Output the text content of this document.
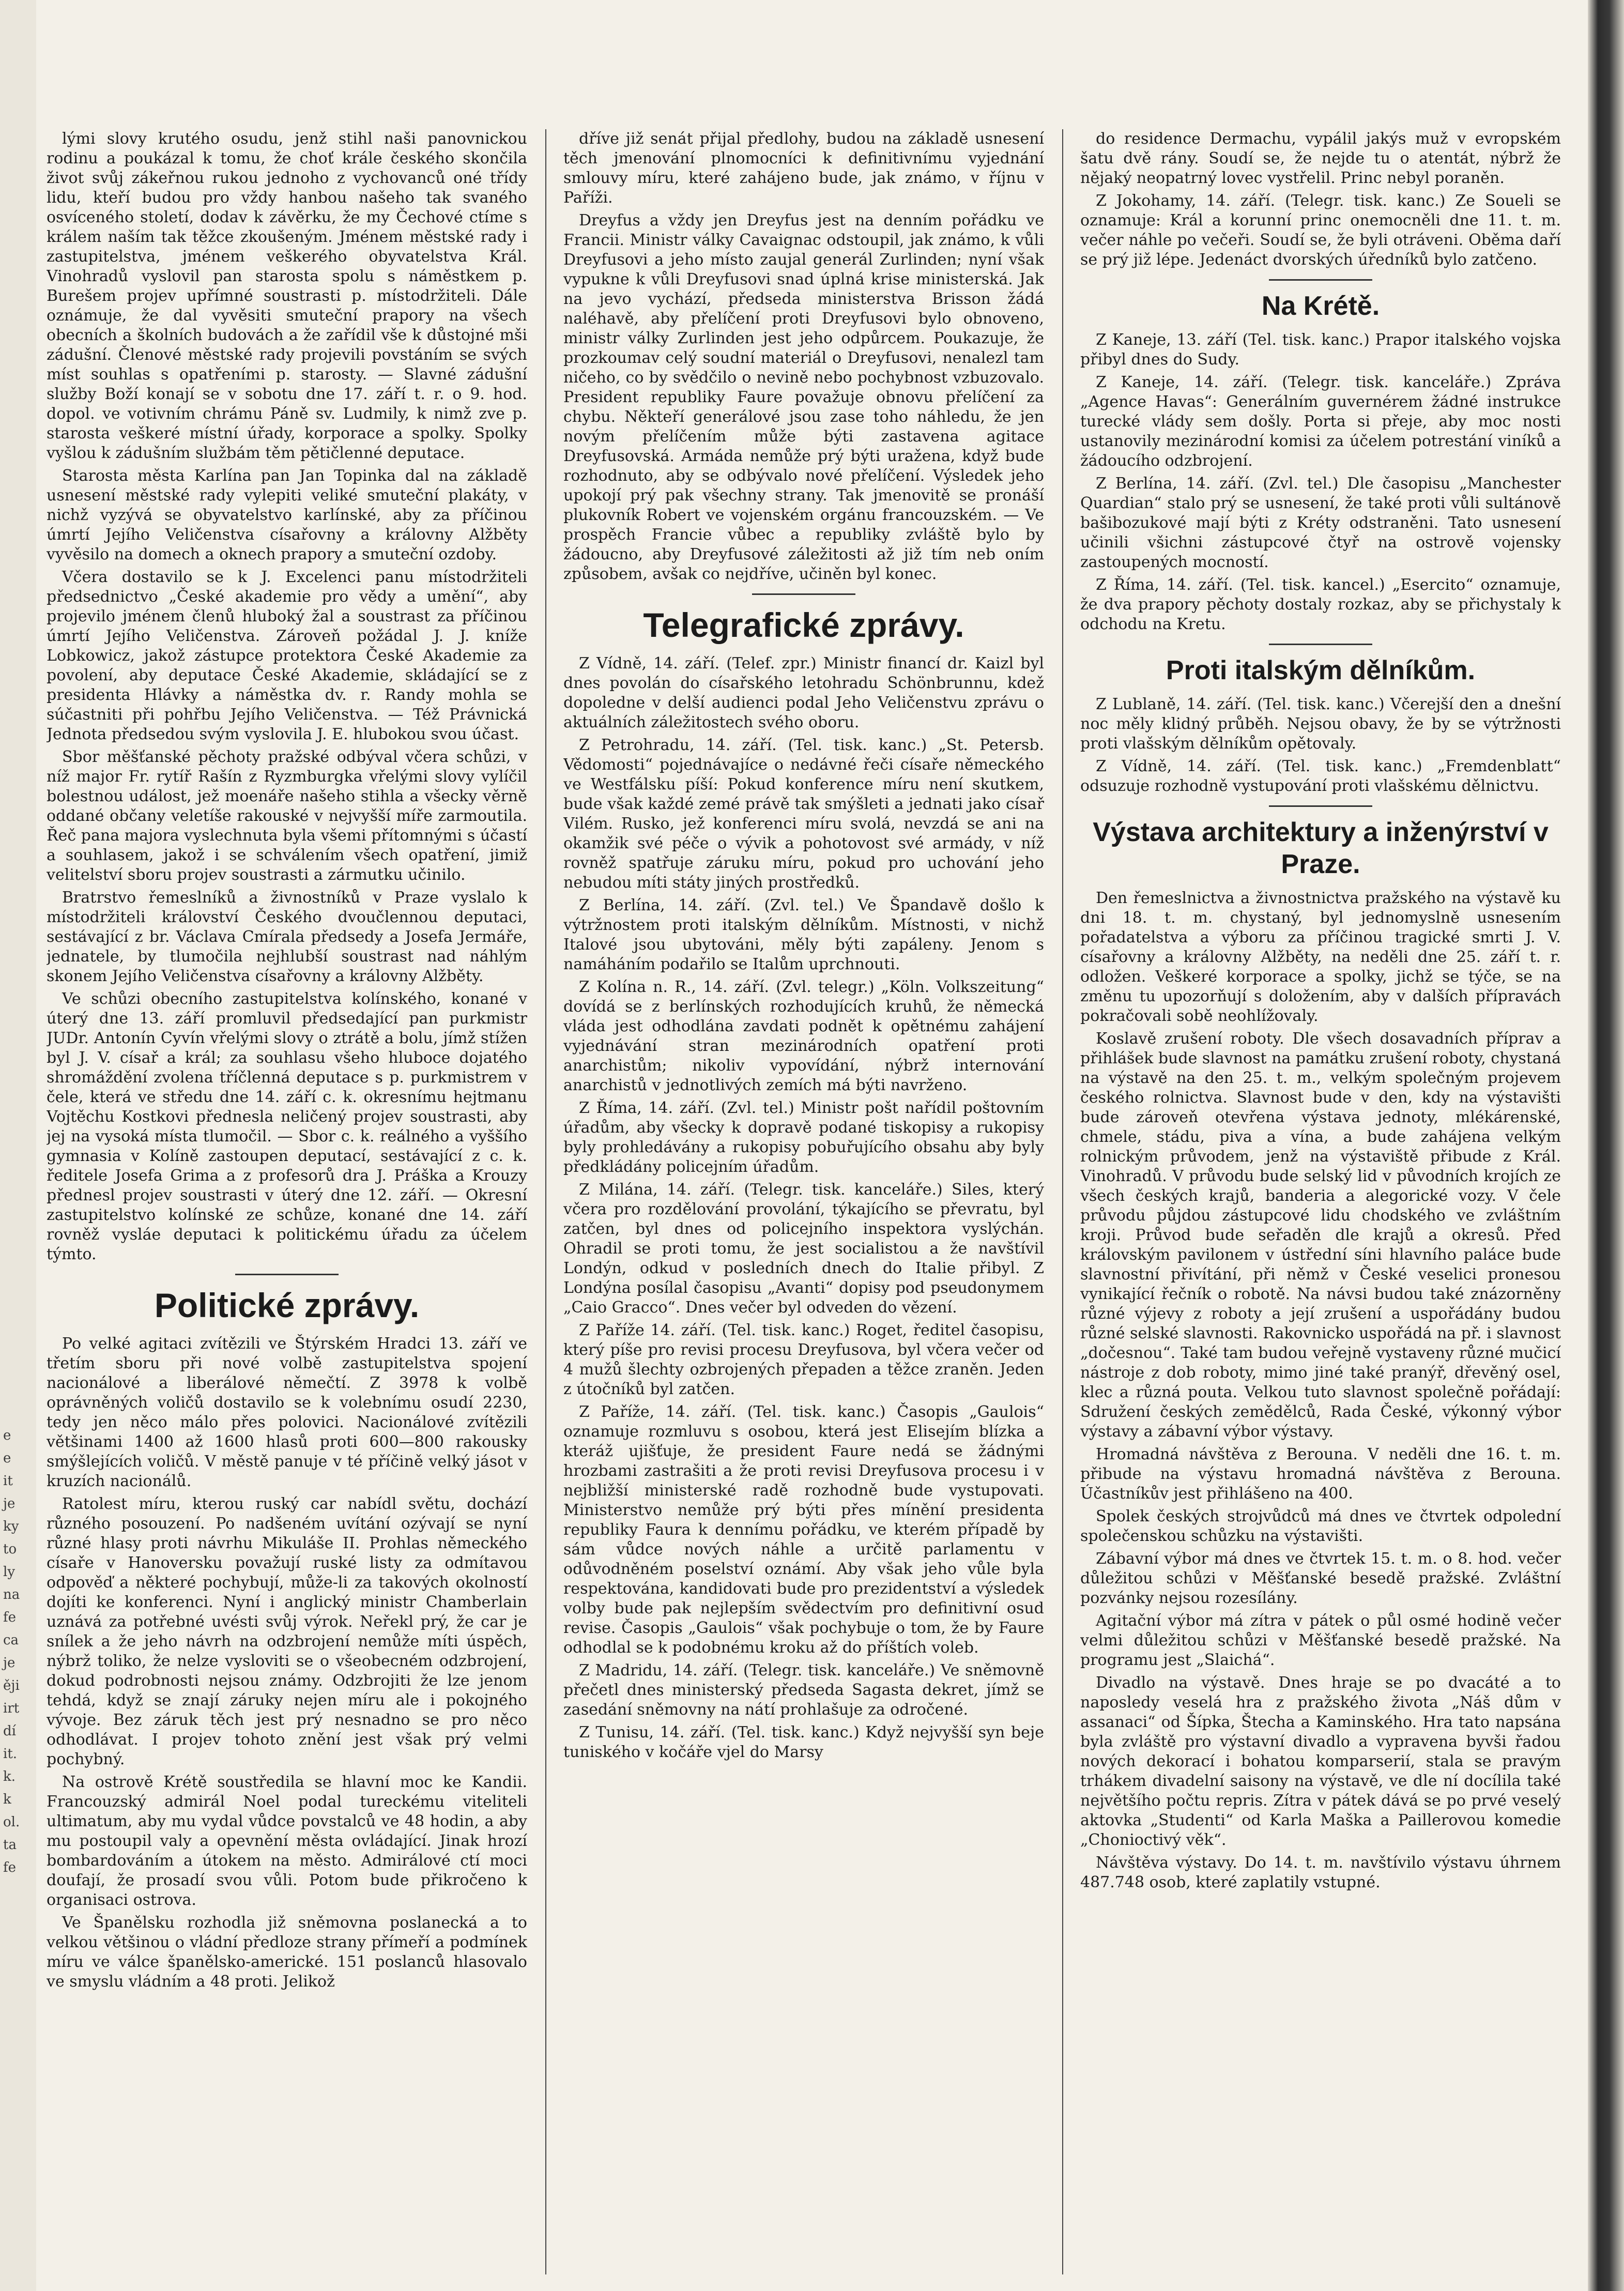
e
e
it
je
ky
to
ly
na
fe
ca
je
ěji
irt
dí
it.
k.
k
ol.
ta
fe

lými slovy krutého osudu, jenž stihl naši panovnickou rodinu a poukázal k tomu, že choť krále českého skončila život svůj zákeřnou rukou jednoho z vychovanců oné třídy lidu, kteří budou pro vždy hanbou našeho tak svaného osvíceného století, dodav k závěrku, že my Čechové ctíme s králem naším tak těžce zkoušeným. Jménem městské rady i zastupitelstva, jménem veškerého obyvatelstva Král. Vinohradů vyslovil pan starosta spolu s náměstkem p. Burešem projev upřímné soustrasti p. místodržiteli. Dále oznámuje, že dal vyvěsiti smuteční prapory na všech obecních a školních budovách a že zařídil vše k důstojné mši zádušní. Členové městské rady projevili povstáním se svých míst souhlas s opatřeními p. starosty. — Slavné zádušní služby Boží konají se v sobotu dne 17. září t. r. o 9. hod. dopol. ve votivním chrámu Páně sv. Ludmily, k nimž zve p. starosta veškeré místní úřady, korporace a spolky. Spolky vyšlou k zádušním službám těm pětičlenné deputace.

Starosta města Karlína pan Jan Topinka dal na základě usnesení městské rady vylepiti veliké smuteční plakáty, v nichž vyzývá se obyvatelstvo karlínské, aby za příčinou úmrtí Jejího Veličenstva císařovny a královny Alžběty vyvěsilo na domech a oknech prapory a smuteční ozdoby.

Včera dostavilo se k J. Excelenci panu místodržiteli předsednictvo „České akademie pro vědy a umění“, aby projevilo jménem členů hluboký žal a soustrast za příčinou úmrtí Jejího Veličenstva. Zároveň požádal J. J. kníže Lobkowicz, jakož zástupce protektora České Akademie za povolení, aby deputace České Akademie, skládající se z presidenta Hlávky a náměstka dv. r. Randy mohla se súčastniti při pohřbu Jejího Veličenstva. — Též Právnická Jednota předsedou svým vyslovila J. E. hlubokou svou účast.

Sbor měšťanské pěchoty pražské odbýval včera schůzi, v níž major Fr. rytíř Rašín z Ryzmburgka vřelými slovy vylíčil bolestnou událost, jež moenáře našeho stihla a všecky věrně oddané občany veletíše rakouské v nejvyšší míře zarmoutila. Řeč pana majora vyslechnuta byla všemi přítomnými s účastí a souhlasem, jakož i se schválením všech opatření, jimiž velitelství sboru projev soustrasti a zármutku učinilo.

Bratrstvo řemeslníků a živnostníků v Praze vyslalo k místodržiteli království Českého dvoučlennou deputaci, sestávající z br. Václava Cmírala předsedy a Josefa Jermáře, jednatele, by tlumočila nejhlubší soustrast nad náhlým skonem Jejího Veličenstva císařovny a královny Alžběty.

Ve schůzi obecního zastupitelstva kolínského, konané v úterý dne 13. září promluvil předsedající pan purkmistr JUDr. Antonín Cyvín vřelými slovy o ztrátě a bolu, jímž stížen byl J. V. císař a král; za souhlasu všeho hluboce dojatého shromáždění zvolena tříčlenná deputace s p. purkmistrem v čele, která ve středu dne 14. září c. k. okresnímu hejtmanu Vojtěchu Kostkovi přednesla neličený projev soustrasti, aby jej na vysoká místa tlumočil. — Sbor c. k. reálného a vyššího gymnasia v Kolíně zastoupen deputací, sestávající z c. k. ředitele Josefa Grima a z profesorů dra J. Práška a Krouzy přednesl projev soustrasti v úterý dne 12. září. — Okresní zastupitelstvo kolínské ze schůze, konané dne 14. září rovněž vysláe deputaci k politickému úřadu za účelem týmto.

Politické zprávy.

Po velké agitaci zvítězili ve Štýrském Hradci 13. září ve třetím sboru při nové volbě zastupitelstva spojení nacionálové a liberálové němečtí. Z 3978 k volbě oprávněných voličů dostavilo se k volebnímu osudí 2230, tedy jen něco málo přes polovici. Nacionálové zvítězili většinami 1400 až 1600 hlasů proti 600—800 rakousky smýšlejících voličů. V městě panuje v té příčině velký jásot v kruzích nacionálů.

Ratolest míru, kterou ruský car nabídl světu, dochází různého posouzení. Po nadšeném uvítání ozývají se nyní různé hlasy proti návrhu Mikuláše II. Prohlas německého císaře v Hanoversku považují ruské listy za odmítavou odpověď a některé pochybují, může-li za takových okolností dojíti ke konferenci. Nyní i anglický ministr Chamberlain uznává za potřebné uvésti svůj výrok. Neřekl prý, že car je snílek a že jeho návrh na odzbrojení nemůže míti úspěch, nýbrž toliko, že nelze vysloviti se o všeobecném odzbrojení, dokud podrobnosti nejsou známy. Odzbrojiti že lze jenom tehdá, když se znají záruky nejen míru ale i pokojného vývoje. Bez záruk těch jest prý nesnadno se pro něco odhodlávat. I projev tohoto znění jest však prý velmi pochybný.

Na ostrově Krétě soustředila se hlavní moc ke Kandii. Francouzský admirál Noel podal tureckému viteliteli ultimatum, aby mu vydal vůdce povstalců ve 48 hodin, a aby mu postoupil valy a opevnění města ovládající. Jinak hrozí bombardováním a útokem na město. Admirálové ctí moci doufají, že prosadí svou vůli. Potom bude přikročeno k organisaci ostrova.

Ve Španělsku rozhodla již sněmovna poslanecká a to velkou většinou o vládní předloze strany přímeří a podmínek míru ve válce španělsko-americké. 151 poslanců hlasovalo ve smyslu vládním a 48 proti. Jelikož

dříve již senát přijal předlohy, budou na základě usnesení těch jmenování plnomocníci k definitivnímu vyjednání smlouvy míru, které zahájeno bude, jak známo, v říjnu v Paříži.

Dreyfus a vždy jen Dreyfus jest na denním pořádku ve Francii. Ministr války Cavaignac odstoupil, jak známo, k vůli Dreyfusovi a jeho místo zaujal generál Zurlinden; nyní však vypukne k vůli Dreyfusovi snad úplná krise ministerská. Jak na jevo vychází, předseda ministerstva Brisson žádá naléhavě, aby přelíčení proti Dreyfusovi bylo obnoveno, ministr války Zurlinden jest jeho odpůrcem. Poukazuje, že prozkoumav celý soudní materiál o Dreyfusovi, nenalezl tam ničeho, co by svědčilo o nevině nebo pochybnost vzbuzovalo. President republiky Faure považuje obnovu přelíčení za chybu. Někteří generálové jsou zase toho náhledu, že jen novým přelíčením může býti zastavena agitace Dreyfusovská. Armáda nemůže prý býti uražena, když bude rozhodnuto, aby se odbývalo nové přelíčení. Výsledek jeho upokojí prý pak všechny strany. Tak jmenovitě se pronáší plukovník Robert ve vojenském orgánu francouzském. — Ve prospěch Francie vůbec a republiky zvláště bylo by žádoucno, aby Dreyfusové záležitosti až již tím neb oním způsobem, avšak co nejdříve, učiněn byl konec.

Telegrafické zprávy.

Z Vídně, 14. září. (Telef. zpr.) Ministr financí dr. Kaizl byl dnes povolán do císařského letohradu Schönbrunnu, kdež dopoledne v delší audienci podal Jeho Veličenstvu zprávu o aktuálních záležitostech svého oboru.

Z Petrohradu, 14. září. (Tel. tisk. kanc.) „St. Petersb. Vědomosti“ pojednávajíce o nedávné řeči císaře německého ve Westfálsku píší: Pokud konference míru není skutkem, bude však každé zemé právě tak smýšleti a jednati jako císař Vilém. Rusko, jež konferenci míru svolá, nevzdá se ani na okamžik své péče o vývik a pohotovost své armády, v níž rovněž spatřuje záruku míru, pokud pro uchování jeho nebudou míti státy jiných prostředků.

Z Berlína, 14. září. (Zvl. tel.) Ve Špandavě došlo k výtržnostem proti italským dělníkům. Místnosti, v nichž Italové jsou ubytováni, měly býti zapáleny. Jenom s namáháním podařilo se Italům uprchnouti.

Z Kolína n. R., 14. září. (Zvl. telegr.) „Köln. Volkszeitung“ dovídá se z berlínských rozhodujících kruhů, že německá vláda jest odhodlána zavdati podnět k opětnému zahájení vyjednávání stran mezinárodních opatření proti anarchistům; nikoliv vypovídání, nýbrž internování anarchistů v jednotlivých zemích má býti navrženo.

Z Říma, 14. září. (Zvl. tel.) Ministr pošt nařídil poštovním úřadům, aby všecky k dopravě podané tiskopisy a rukopisy byly prohledávány a rukopisy pobuřujícího obsahu aby byly předkládány policejním úřadům.

Z Milána, 14. září. (Telegr. tisk. kanceláře.) Siles, který včera pro rozdělování provolání, týkajícího se převratu, byl zatčen, byl dnes od policejního inspektora vyslýchán. Ohradil se proti tomu, že jest socialistou a že navštívil Londýn, odkud v posledních dnech do Italie přibyl. Z Londýna posílal časopisu „Avanti“ dopisy pod pseudonymem „Caio Gracco“. Dnes večer byl odveden do vězení.

Z Paříže 14. září. (Tel. tisk. kanc.) Roget, ředitel časopisu, který píše pro revisi procesu Dreyfusova, byl včera večer od 4 mužů šlechty ozbrojených přepaden a těžce zraněn. Jeden z útočníků byl zatčen.

Z Paříže, 14. září. (Tel. tisk. kanc.) Časopis „Gaulois“ oznamuje rozmluvu s osobou, která jest Elisejím blízka a kteráž ujišťuje, že president Faure nedá se žádnými hrozbami zastrašiti a že proti revisi Dreyfusova procesu i v nejbližší ministerské radě rozhodně bude vystupovati. Ministerstvo nemůže prý býti přes mínění presidenta republiky Faura k dennímu pořádku, ve kterém případě by sám vůdce nových náhle a určitě parlamentu v odůvodněném poselství oznámí. Aby však jeho vůle byla respektována, kandidovati bude pro prezidentství a výsledek volby bude pak nejlepším svědectvím pro definitivní osud revise. Časopis „Gaulois“ však pochybuje o tom, že by Faure odhodlal se k podobnému kroku až do příštích voleb.

Z Madridu, 14. září. (Telegr. tisk. kanceláře.) Ve sněmovně přečetl dnes ministerský předseda Sagasta dekret, jímž se zasedání sněmovny na nátí prohlašuje za odročené.

Z Tunisu, 14. září. (Tel. tisk. kanc.) Když nejvyšší syn beje tuniského v kočáře vjel do Marsy

do residence Dermachu, vypálil jakýs muž v evropském šatu dvě rány. Soudí se, že nejde tu o atentát, nýbrž že nějaký neopatrný lovec vystřelil. Princ nebyl poraněn.

Z Jokohamy, 14. září. (Telegr. tisk. kanc.) Ze Soueli se oznamuje: Král a korunní princ onemocněli dne 11. t. m. večer náhle po večeři. Soudí se, že byli otráveni. Oběma daří se prý již lépe. Jedenáct dvorských úředníků bylo zatčeno.

Na Krétě.

Z Kaneje, 13. září (Tel. tisk. kanc.) Prapor italského vojska přibyl dnes do Sudy.

Z Kaneje, 14. září. (Telegr. tisk. kanceláře.) Zpráva „Agence Havas“: Generálním guvernérem žádné instrukce turecké vlády sem došly. Porta si přeje, aby moc nosti ustanovily mezinárodní komisi za účelem potrestání viníků a žádoucího odzbrojení.

Z Berlína, 14. září. (Zvl. tel.) Dle časopisu „Manchester Quardian“ stalo prý se usnesení, že také proti vůli sultánově bašibozukové mají býti z Kréty odstraněni. Tato usnesení učinili všichni zástupcové čtyř na ostrově vojensky zastoupených mocností.

Z Říma, 14. září. (Tel. tisk. kancel.) „Esercito“ oznamuje, že dva prapory pěchoty dostaly rozkaz, aby se přichystaly k odchodu na Kretu.

Proti italským dělníkům.

Z Lublaně, 14. září. (Tel. tisk. kanc.) Včerejší den a dnešní noc měly klidný průběh. Nejsou obavy, že by se výtržnosti proti vlašským dělníkům opětovaly.

Z Vídně, 14. září. (Tel. tisk. kanc.) „Fremdenblatt“ odsuzuje rozhodně vystupování proti vlašskému dělnictvu.

Výstava architektury a inženýrství v Praze.

Den řemeslnictva a živnostnictva pražského na výstavě ku dni 18. t. m. chystaný, byl jednomyslně usnesením pořadatelstva a výboru za příčinou tragické smrti J. V. císařovny a královny Alžběty, na neděli dne 25. září t. r. odložen. Veškeré korporace a spolky, jichž se týče, se na změnu tu upozorňují s doložením, aby v dalších přípravách pokračovali sobě neohlížovaly.

Koslavě zrušení roboty. Dle všech dosavadních příprav a přihlášek bude slavnost na památku zrušení roboty, chystaná na výstavě na den 25. t. m., velkým společným projevem českého rolnictva. Slavnost bude v den, kdy na výstavišti bude zároveň otevřena výstava jednoty, mlékárenské, chmele, stádu, piva a vína, a bude zahájena velkým rolnickým průvodem, jenž na výstaviště přibude z Král. Vinohradů. V průvodu bude selský lid v původních krojích ze všech českých krajů, banderia a alegorické vozy. V čele průvodu půjdou zástupcové lidu chodského ve zvláštním kroji. Průvod bude seřaděn dle krajů a okresů. Před královským pavilonem v ústřední síni hlavního paláce bude slavnostní přivítání, při němž v České veselici pronesou vynikající řečník o robotě. Na návsi budou také znázorněny různé výjevy z roboty a její zrušení a uspořádány budou různé selské slavnosti. Rakovnicko uspořádá na př. i slavnost „dočesnou“. Také tam budou veřejně vystaveny různé mučicí nástroje z dob roboty, mimo jiné také pranýř, dřevěný osel, klec a různá pouta. Velkou tuto slavnost společně pořádají: Sdružení českých zemědělců, Rada České, výkonný výbor výstavy a zábavní výbor výstavy.

Hromadná návštěva z Berouna. V neděli dne 16. t. m. přibude na výstavu hromadná návštěva z Berouna. Účastníkův jest přihlášeno na 400.

Spolek českých strojvůdců má dnes ve čtvrtek odpolední společenskou schůzku na výstavišti.

Zábavní výbor má dnes ve čtvrtek 15. t. m. o 8. hod. večer důležitou schůzi v Měšťanské besedě pražské. Zvláštní pozvánky nejsou rozesílány.

Agitační výbor má zítra v pátek o půl osmé hodině večer velmi důležitou schůzi v Měšťanské besedě pražské. Na programu jest „Slaichá“.

Divadlo na výstavě. Dnes hraje se po dvacáté a to naposledy veselá hra z pražského života „Náš dům v assanaci“ od Šípka, Štecha a Kaminského. Hra tato napsána byla zvláště pro výstavní divadlo a vypravena byvši řadou nových dekorací i bohatou komparserií, stala se pravým trhákem divadelní saisony na výstavě, ve dle ní docílila také největšího počtu repris. Zítra v pátek dává se po prvé veselý aktovka „Studenti“ od Karla Maška a Paillerovou komedie „Chonioctivý věk“.

Návštěva výstavy. Do 14. t. m. navštívilo výstavu úhrnem 487.748 osob, které zaplatily vstupné.
